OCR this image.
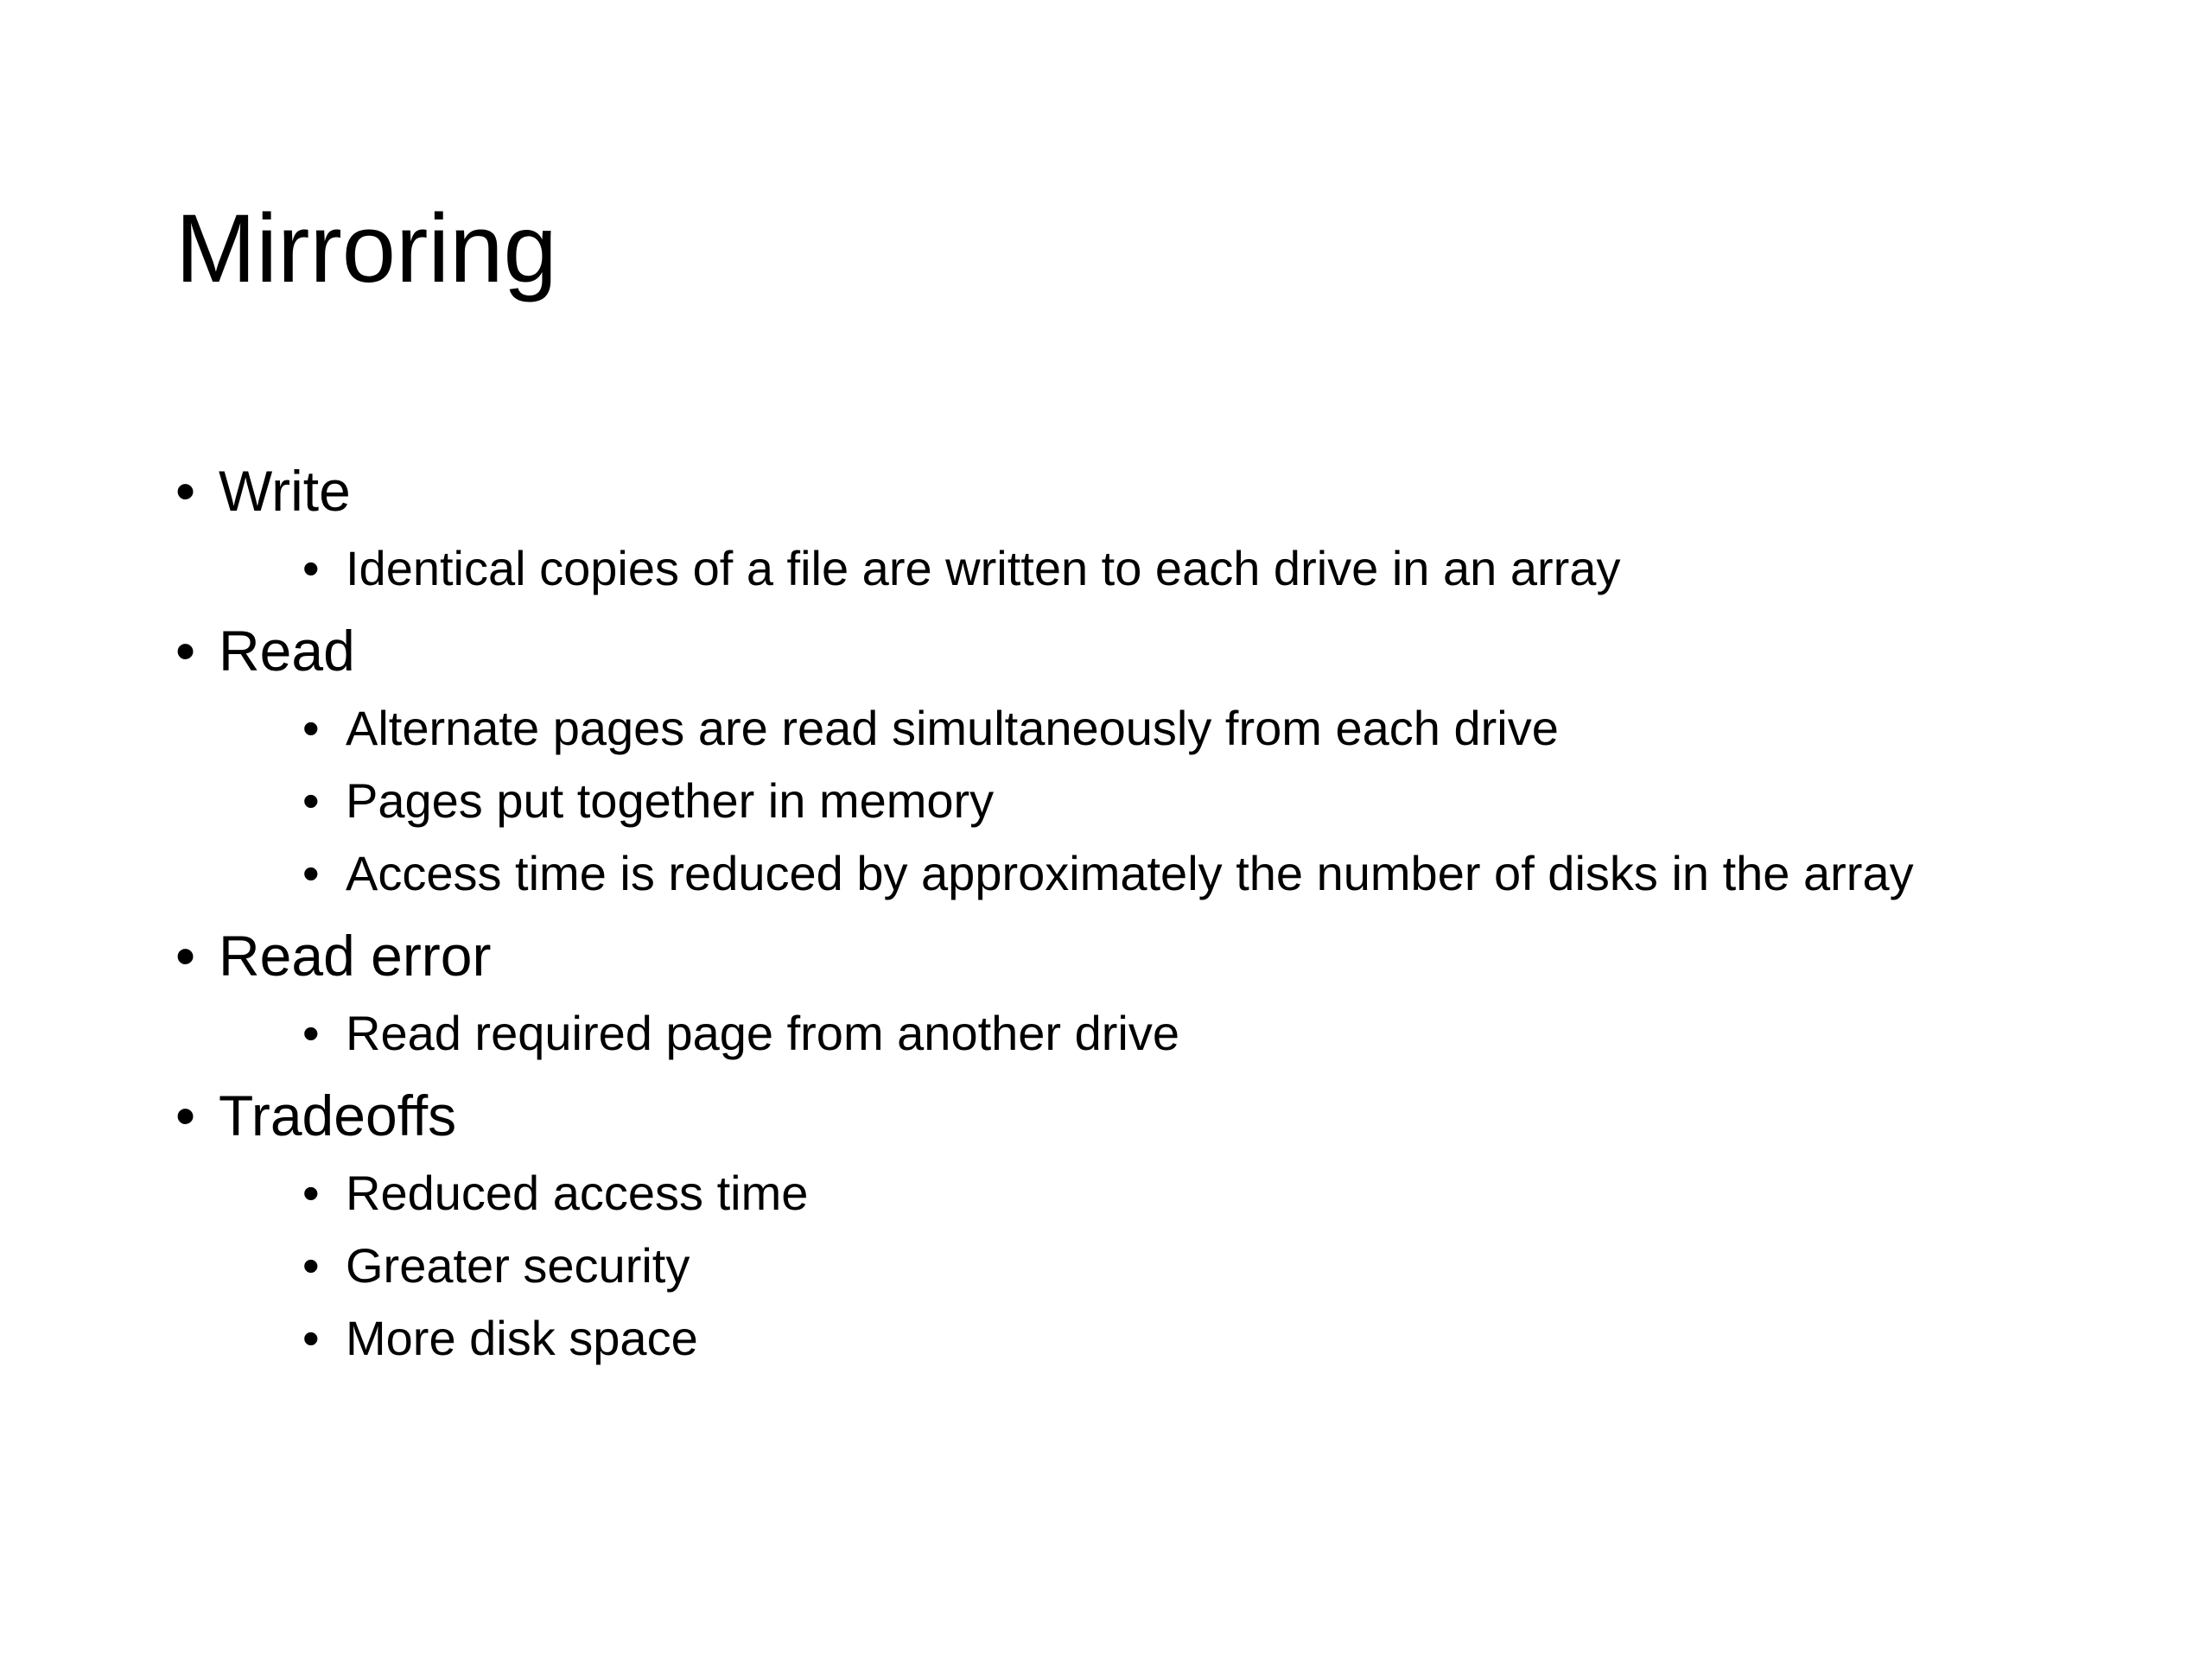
Mirroring
• Write
• Identical copies of a file are written to each drive in an array
• Read
• Alternate pages are read simultaneously from each drive
• Pages put together in memory
• Access time is reduced by approximately the number of disks in the array
• Read error
• Read required page from another drive
• Tradeoffs
• Reduced access time
• Greater security
• More disk space
